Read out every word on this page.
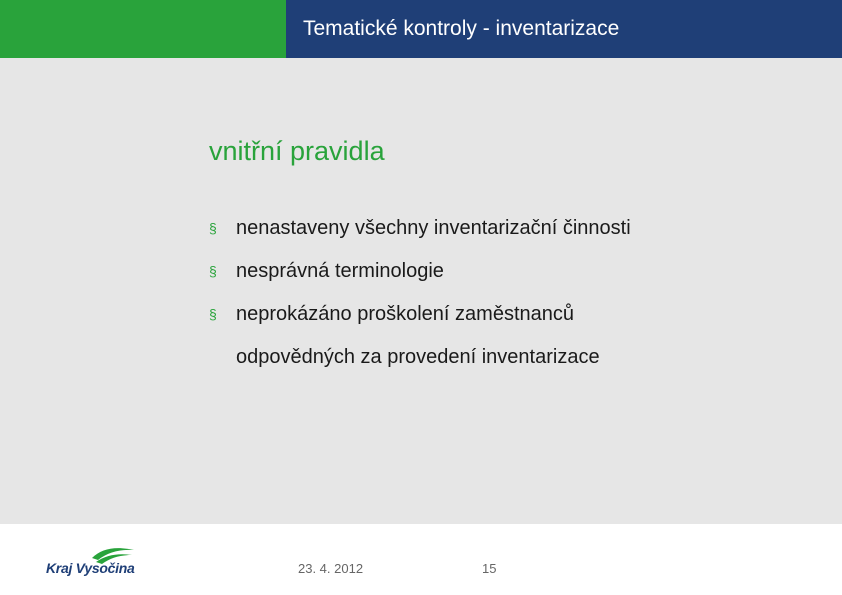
Tematické kontroly - inventarizace
vnitřní pravidla
§ nenastaveny všechny inventarizační činnosti
§ nesprávná terminologie
§ neprokázáno proškolení zaměstnanců odpovědných za provedení inventarizace
Kraj Vysočina	23. 4. 2012	15
